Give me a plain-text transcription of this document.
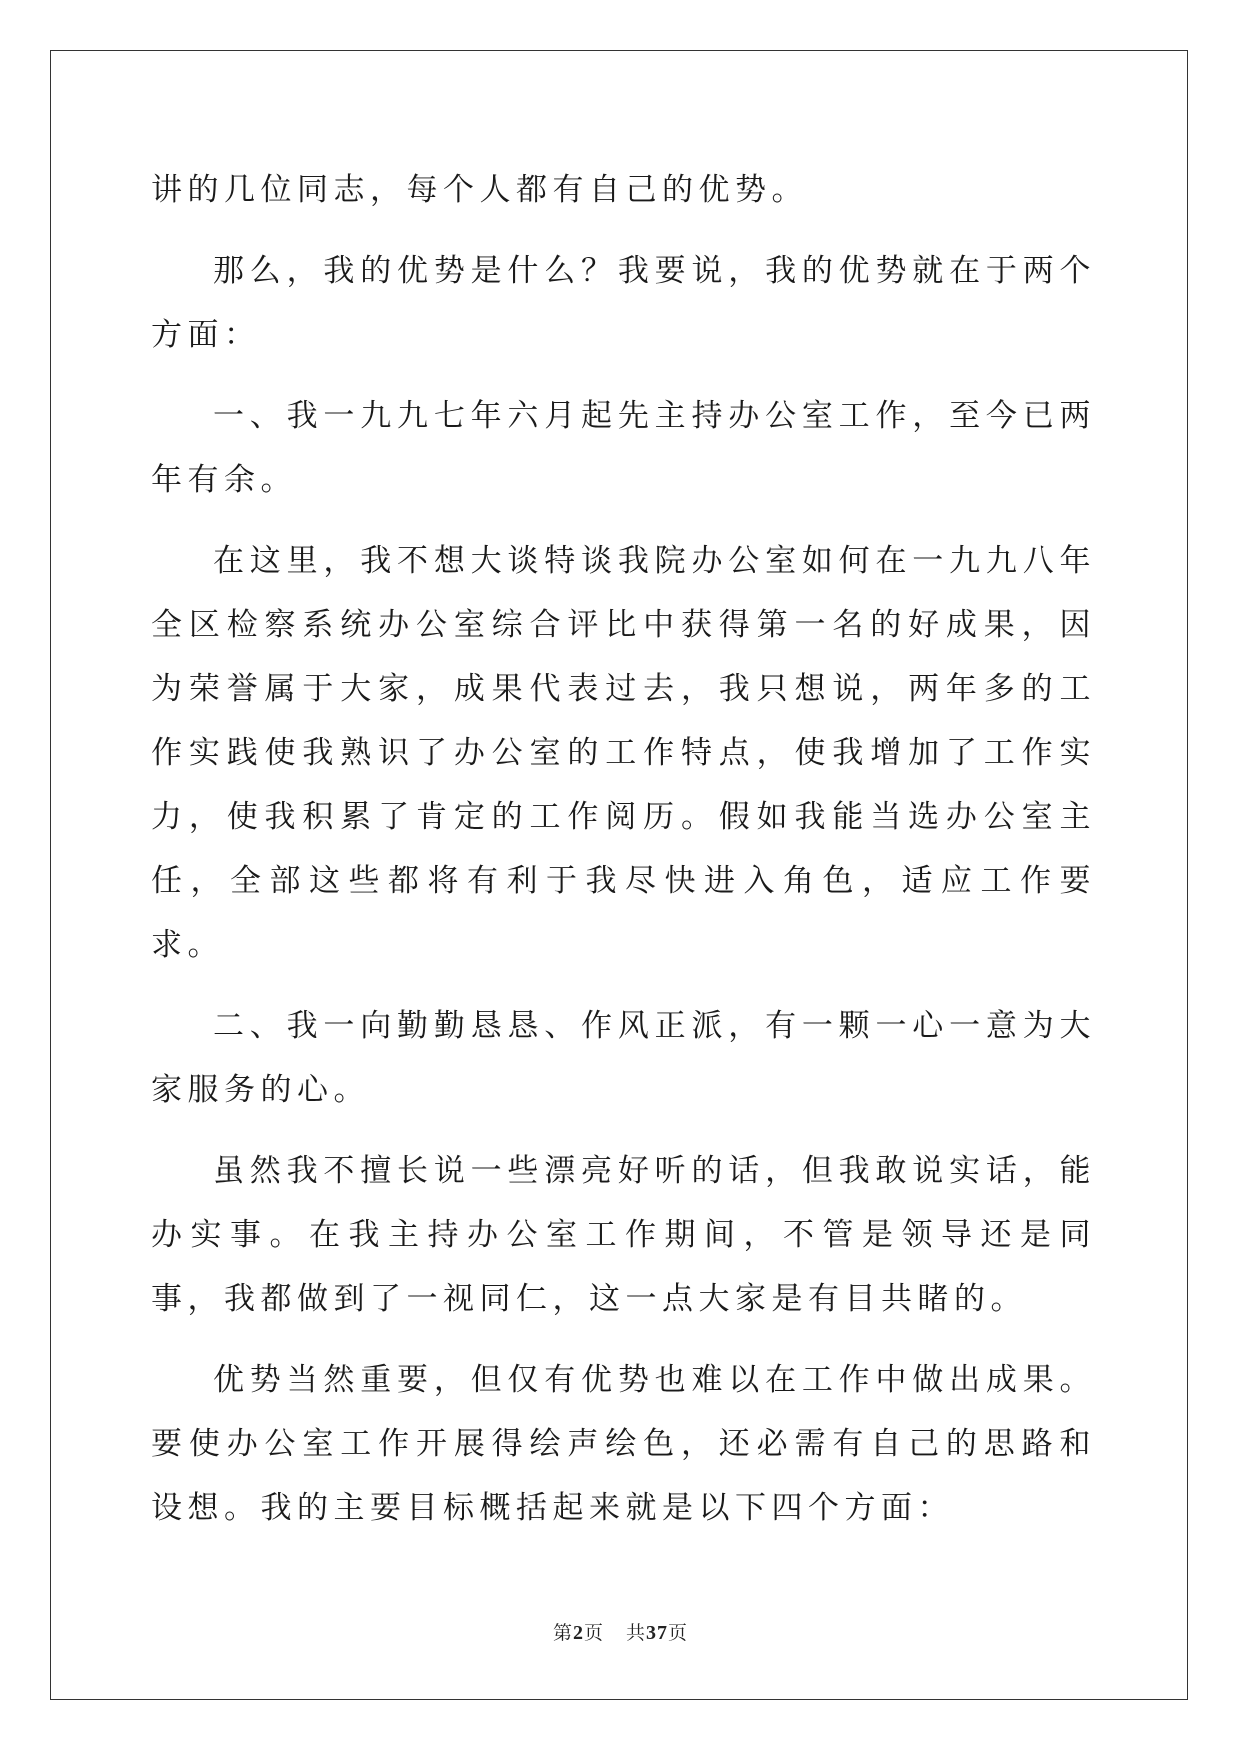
讲的几位同志，每个人都有自己的优势。

那么，我的优势是什么？我要说，我的优势就在于两个方面：

一、我一九九七年六月起先主持办公室工作，至今已两年有余。

在这里，我不想大谈特谈我院办公室如何在一九九八年全区检察系统办公室综合评比中获得第一名的好成果，因为荣誉属于大家，成果代表过去，我只想说，两年多的工作实践使我熟识了办公室的工作特点，使我增加了工作实力，使我积累了肯定的工作阅历。假如我能当选办公室主任，全部这些都将有利于我尽快进入角色，适应工作要求。

二、我一向勤勤恳恳、作风正派，有一颗一心一意为大家服务的心。

虽然我不擅长说一些漂亮好听的话，但我敢说实话，能办实事。在我主持办公室工作期间，不管是领导还是同事，我都做到了一视同仁，这一点大家是有目共睹的。

优势当然重要，但仅有优势也难以在工作中做出成果。要使办公室工作开展得绘声绘色，还必需有自己的思路和设想。我的主要目标概括起来就是以下四个方面：

第2页 共37页
